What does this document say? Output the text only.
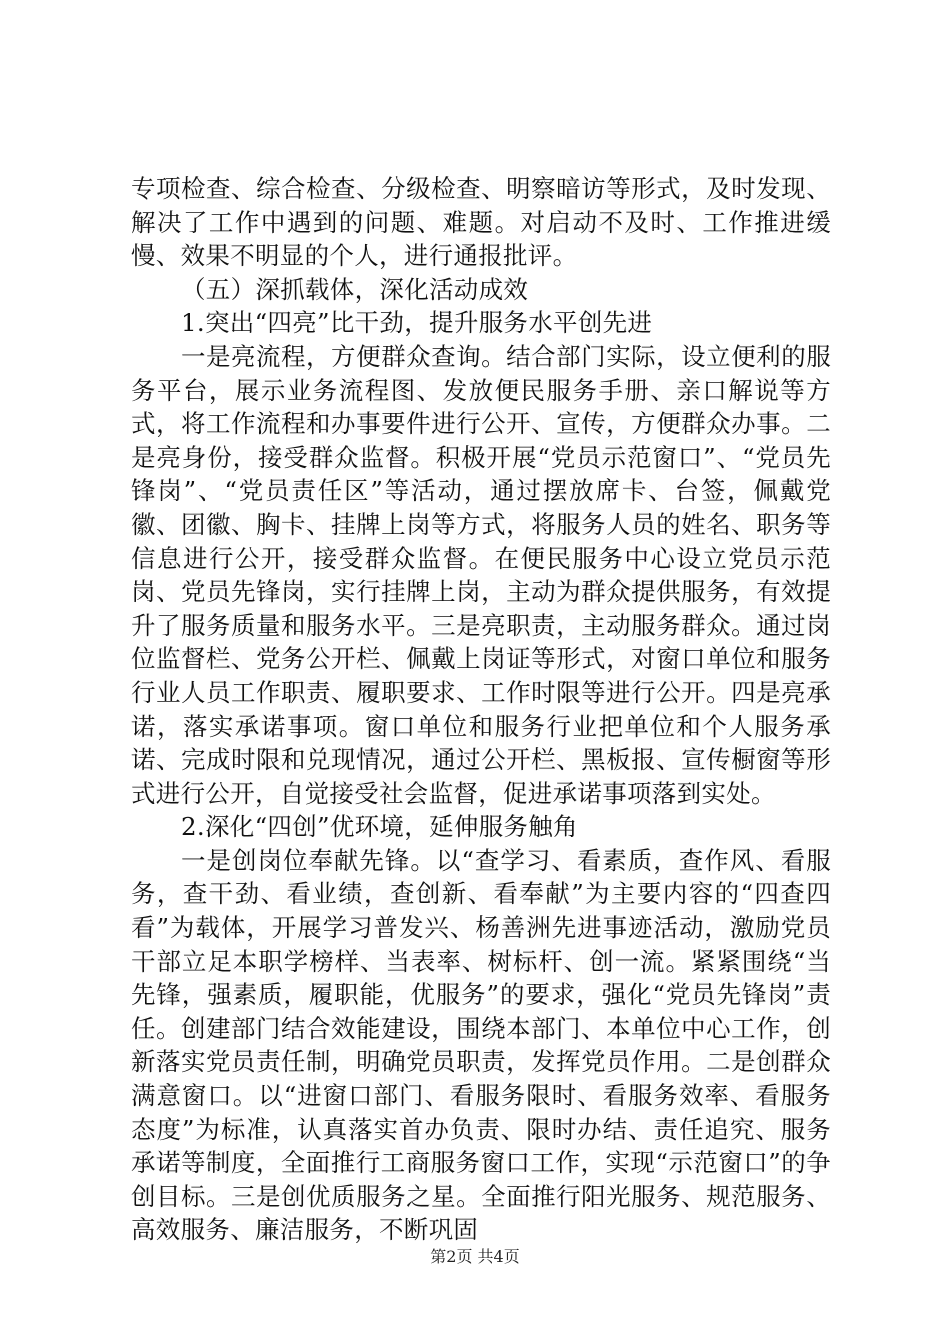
专项检查、综合检查、分级检查、明察暗访等形式，及时发现、解决了工作中遇到的问题、难题。对启动不及时、工作推进缓慢、效果不明显的个人，进行通报批评。

（五）深抓载体，深化活动成效

1.突出“四亮”比干劲，提升服务水平创先进

一是亮流程，方便群众查询。结合部门实际，设立便利的服务平台，展示业务流程图、发放便民服务手册、亲口解说等方式，将工作流程和办事要件进行公开、宣传，方便群众办事。二是亮身份，接受群众监督。积极开展“党员示范窗口”、“党员先锋岗”、“党员责任区”等活动，通过摆放席卡、台签，佩戴党徽、团徽、胸卡、挂牌上岗等方式，将服务人员的姓名、职务等信息进行公开，接受群众监督。在便民服务中心设立党员示范岗、党员先锋岗，实行挂牌上岗，主动为群众提供服务，有效提升了服务质量和服务水平。三是亮职责，主动服务群众。通过岗位监督栏、党务公开栏、佩戴上岗证等形式，对窗口单位和服务行业人员工作职责、履职要求、工作时限等进行公开。四是亮承诺，落实承诺事项。窗口单位和服务行业把单位和个人服务承诺、完成时限和兑现情况，通过公开栏、黑板报、宣传橱窗等形式进行公开，自觉接受社会监督，促进承诺事项落到实处。

2.深化“四创”优环境，延伸服务触角

一是创岗位奉献先锋。以“查学习、看素质，查作风、看服务，查干劲、看业绩，查创新、看奉献”为主要内容的“四查四看”为载体，开展学习普发兴、杨善洲先进事迹活动，激励党员干部立足本职学榜样、当表率、树标杆、创一流。紧紧围绕“当先锋，强素质，履职能，优服务”的要求，强化“党员先锋岗”责任。创建部门结合效能建设，围绕本部门、本单位中心工作，创新落实党员责任制，明确党员职责，发挥党员作用。二是创群众满意窗口。以“进窗口部门、看服务限时、看服务效率、看服务态度”为标准，认真落实首办负责、限时办结、责任追究、服务承诺等制度，全面推行工商服务窗口工作，实现“示范窗口”的争创目标。三是创优质服务之星。全面推行阳光服务、规范服务、高效服务、廉洁服务，不断巩固

第2页 共4页
